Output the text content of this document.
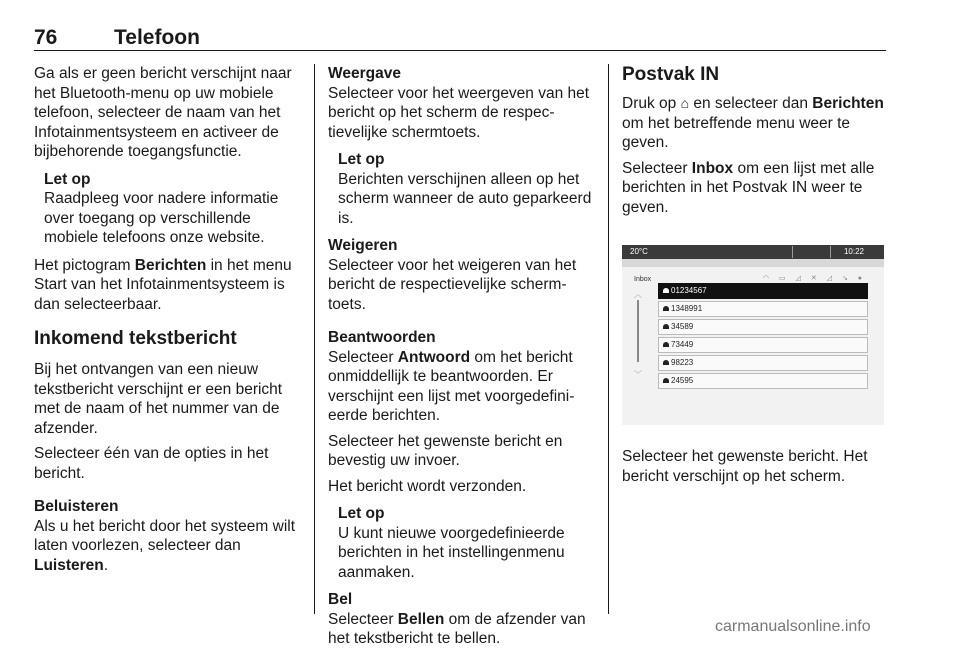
76	Telefoon

Ga als er geen bericht verschijnt naar het Bluetooth-menu op uw mobiele telefoon, selecteer de naam van het Infotainmentsysteem en activeer de bijbehorende toegangsfunctie.

Let op
Raadpleeg voor nadere informatie over toegang op verschillende mobiele telefoons onze website.

Het pictogram Berichten in het menu Start van het Infotainmentsysteem is dan selecteerbaar.

Inkomend tekstbericht

Bij het ontvangen van een nieuw tekstbericht verschijnt er een bericht met de naam of het nummer van de afzender.

Selecteer één van de opties in het bericht.

Beluisteren

Als u het bericht door het systeem wilt laten voorlezen, selecteer dan Luisteren.

Weergave

Selecteer voor het weergeven van het bericht op het scherm de respectievelijke schermtoets.

Let op
Berichten verschijnen alleen op het scherm wanneer de auto geparkeerd is.
Weigeren

Selecteer voor het weigeren van het bericht de respectievelijke schermtoets.

Beantwoorden

Selecteer Antwoord om het bericht onmiddellijk te beantwoorden. Er verschijnt een lijst met voorgedefinieerde berichten.

Selecteer het gewenste bericht en bevestig uw invoer.

Het bericht wordt verzonden.

Let op
U kunt nieuwe voorgedefinieerde berichten in het instellingenmenu aanmaken.
Bel

Selecteer Bellen om de afzender van het tekstbericht te bellen.

Postvak IN

Druk op ⌂ en selecteer dan Berichten om het betreffende menu weer te geven.

Selecteer Inbox om een lijst met alle berichten in het Postvak IN weer te geven.

20°C	10:22
Inbox	◠ ▭ ◿ ✕ ◿ ↘ ●
︿
﹀
01234567
1348991
34589
73449
98223
24595

Selecteer het gewenste bericht. Het bericht verschijnt op het scherm.

carmanualsonline.info
